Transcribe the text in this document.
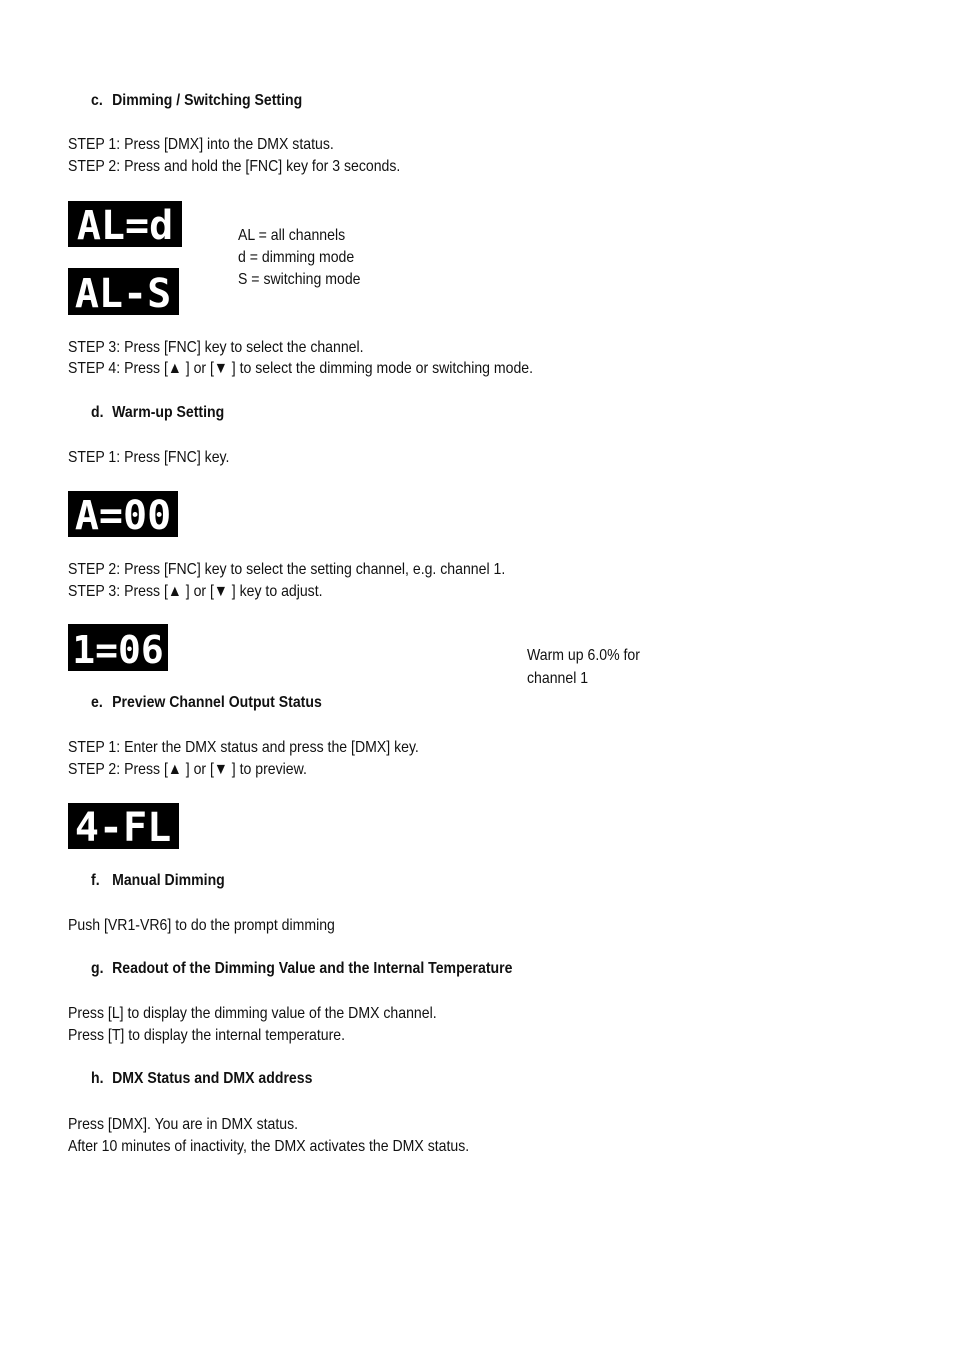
c. Dimming / Switching Setting
STEP 1: Press [DMX] into the DMX status.
STEP 2: Press and hold the [FNC] key for 3 seconds.
AL=d
AL-S
AL = all channels
d = dimming mode
S = switching mode
STEP 3: Press [FNC] key to select the channel.
STEP 4: Press [▲ ] or [▼ ] to select the dimming mode or switching mode.
d. Warm-up Setting
STEP 1: Press [FNC] key.
A=00
STEP 2: Press [FNC] key to select the setting channel, e.g. channel 1.
STEP 3: Press [▲ ] or [▼ ] key to adjust.
1=06	Warm up 6.0% for
channel 1
e. Preview Channel Output Status
STEP 1: Enter the DMX status and press the [DMX] key.
STEP 2: Press [▲ ] or [▼ ] to preview.
4-FL
f. Manual Dimming
Push [VR1-VR6] to do the prompt dimming
g. Readout of the Dimming Value and the Internal Temperature
Press [L] to display the dimming value of the DMX channel.
Press [T] to display the internal temperature.
h. DMX Status and DMX address
Press [DMX]. You are in DMX status.
After 10 minutes of inactivity, the DMX activates the DMX status.
